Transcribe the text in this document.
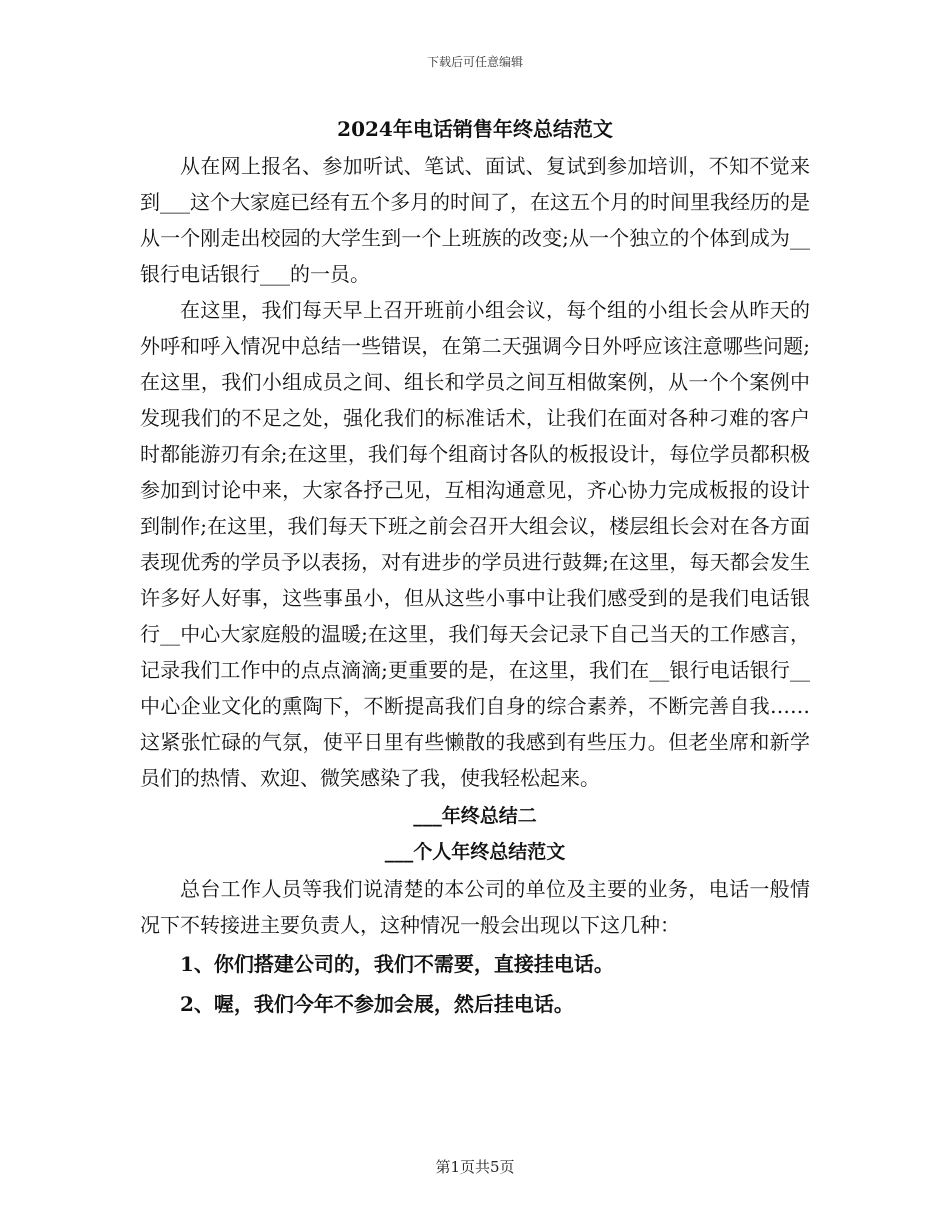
下载后可任意编辑
2024年电话销售年终总结范文

从在网上报名、参加听试、笔试、面试、复试到参加培训，不知不觉来到___这个大家庭已经有五个多月的时间了，在这五个月的时间里我经历的是从一个刚走出校园的大学生到一个上班族的改变;从一个独立的个体到成为__银行电话银行___的一员。

在这里，我们每天早上召开班前小组会议，每个组的小组长会从昨天的外呼和呼入情况中总结一些错误，在第二天强调今日外呼应该注意哪些问题;在这里，我们小组成员之间、组长和学员之间互相做案例，从一个个案例中发现我们的不足之处，强化我们的标准话术，让我们在面对各种刁难的客户时都能游刃有余;在这里，我们每个组商讨各队的板报设计，每位学员都积极参加到讨论中来，大家各抒己见，互相沟通意见，齐心协力完成板报的设计到制作;在这里，我们每天下班之前会召开大组会议，楼层组长会对在各方面表现优秀的学员予以表扬，对有进步的学员进行鼓舞;在这里，每天都会发生许多好人好事，这些事虽小，但从这些小事中让我们感受到的是我们电话银行__中心大家庭般的温暖;在这里，我们每天会记录下自己当天的工作感言，记录我们工作中的点点滴滴;更重要的是，在这里，我们在__银行电话银行__中心企业文化的熏陶下，不断提高我们自身的综合素养，不断完善自我……这紧张忙碌的气氛，使平日里有些懒散的我感到有些压力。但老坐席和新学员们的热情、欢迎、微笑感染了我，使我轻松起来。

___年终总结二
___个人年终总结范文

总台工作人员等我们说清楚的本公司的单位及主要的业务，电话一般情况下不转接进主要负责人，这种情况一般会出现以下这几种：

1、你们搭建公司的，我们不需要，直接挂电话。
2、喔，我们今年不参加会展，然后挂电话。
第1页共5页
